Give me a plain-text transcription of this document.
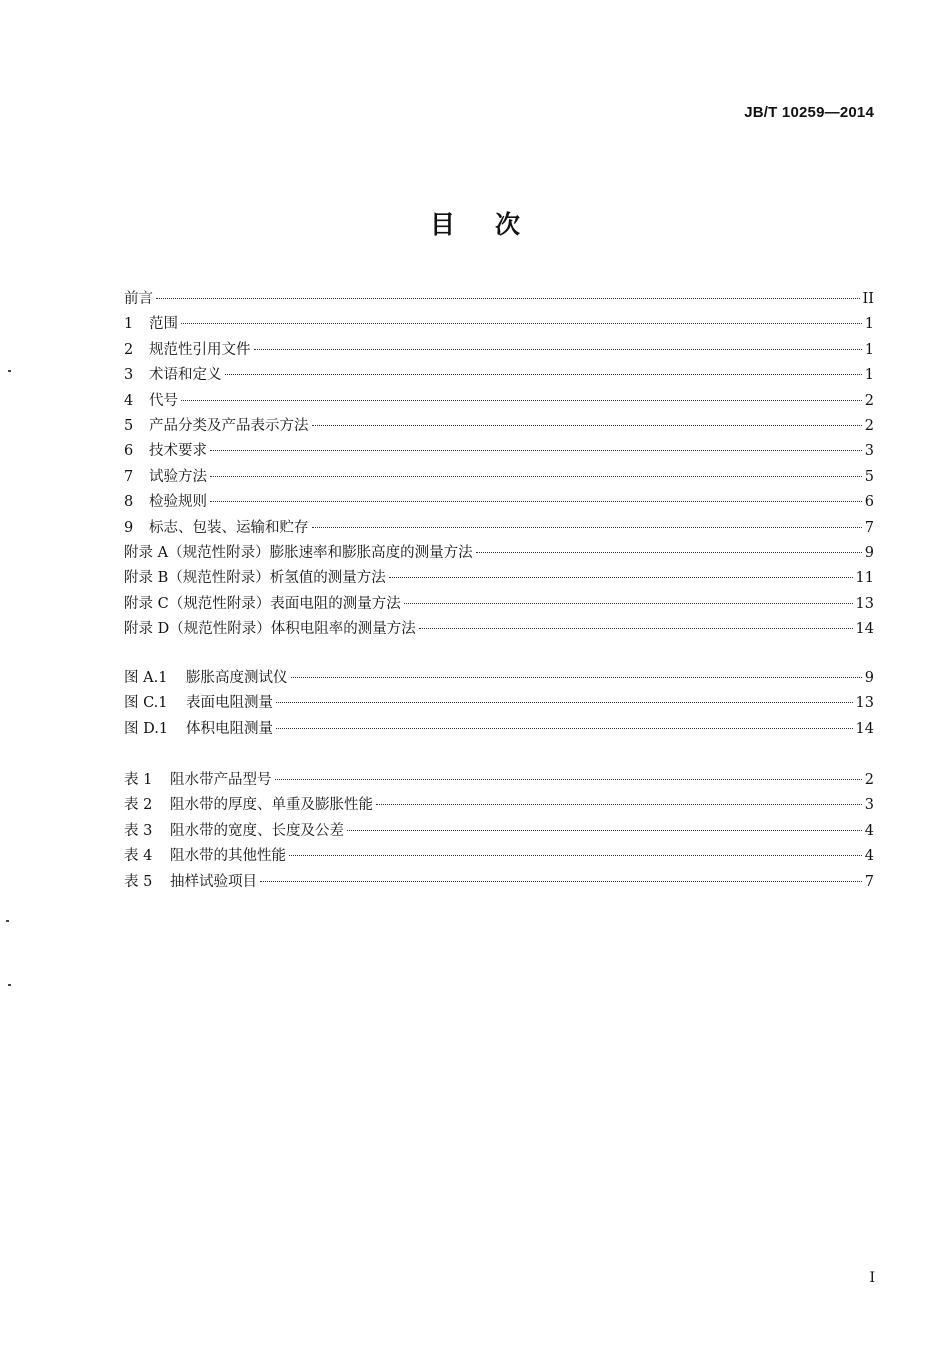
JB/T 10259—2014
目次
前言	II
1	范围	1
2	规范性引用文件	1
3	术语和定义	1
4	代号	2
5	产品分类及产品表示方法	2
6	技术要求	3
7	试验方法	5
8	检验规则	6
9	标志、包装、运输和贮存	7
附录 A（规范性附录）膨胀速率和膨胀高度的测量方法	9
附录 B（规范性附录）析氢值的测量方法	11
附录 C（规范性附录）表面电阻的测量方法	13
附录 D（规范性附录）体积电阻率的测量方法	14
图 A.1	膨胀高度测试仪	9
图 C.1	表面电阻测量	13
图 D.1	体积电阻测量	14
表 1	阻水带产品型号	2
表 2	阻水带的厚度、单重及膨胀性能	3
表 3	阻水带的宽度、长度及公差	4
表 4	阻水带的其他性能	4
表 5	抽样试验项目	7
I
